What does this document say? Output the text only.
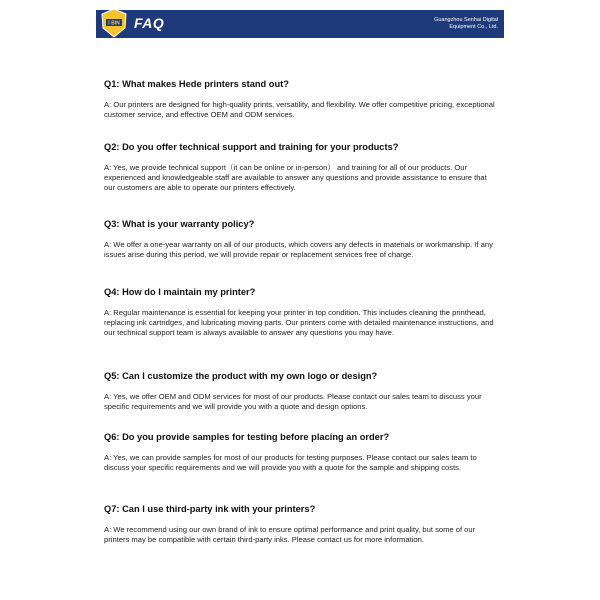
I BIN FAQ	Guangzhou Senhai Digital
Equipment Co., Ltd.

Q1: What makes Hede printers stand out?

A: Our printers are designed for high-quality prints, versatility, and flexibility. We offer competitive pricing, exceptional customer service, and effective OEM and ODM services.

Q2: Do you offer technical support and training for your products?

A: Yes, we provide technical support（it can be online or in-person） and training for all of our products. Our experienced and knowledgeable staff are available to answer any questions and provide assistance to ensure that our customers are able to operate our printers effectively.

Q3: What is your warranty policy?

A: We offer a one-year warranty on all of our products, which covers any defects in materials or workmanship. If any issues arise during this period, we will provide repair or replacement services free of charge.

Q4: How do I maintain my printer?

A: Regular maintenance is essential for keeping your printer in top condition. This includes cleaning the printhead, replacing ink cartridges, and lubricating moving parts. Our printers come with detailed maintenance instructions, and our technical support team is always available to answer any questions you may have.

Q5: Can I customize the product with my own logo or design?

A: Yes, we offer OEM and ODM services for most of our products. Please contact our sales team to discuss your specific requirements and we will provide you with a quote and design options.

Q6: Do you provide samples for testing before placing an order?

A: Yes, we can provide samples for most of our products for testing purposes. Please contact our sales team to discuss your specific requirements and we will provide you with a quote for the sample and shipping costs.

Q7: Can I use third-party ink with your printers?

A: We recommend using our own brand of ink to ensure optimal performance and print quality, but some of our printers may be compatible with certain third-party inks. Please contact us for more information.
